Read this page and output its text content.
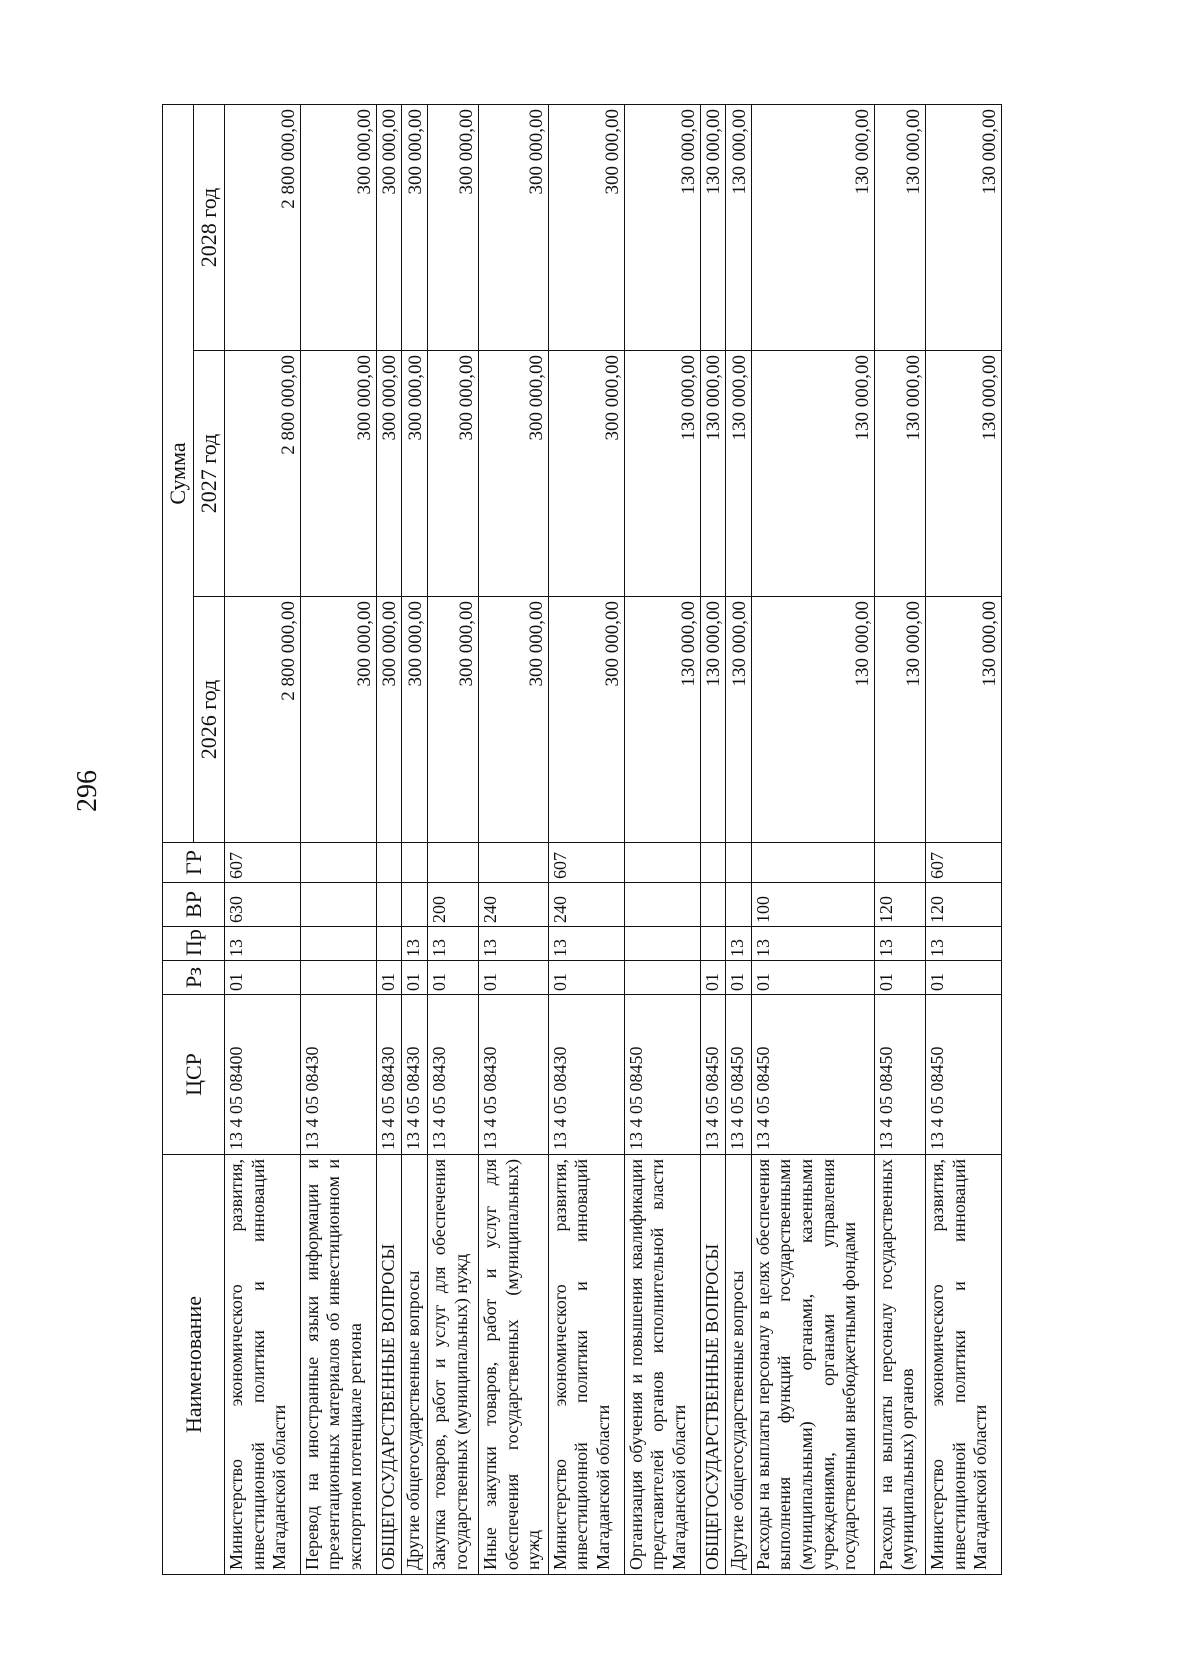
296
Наименование	ЦСР	Рз	Пр	ВР	ГР	Сумма		
						2026 год	2027 год	2028 год
Министерство экономического развития, инвестиционной политики и инноваций Магаданской области	13 4 05 08400	01	13	630	607	2 800 000,00	2 800 000,00	2 800 000,00
Перевод на иностранные языки информации и презентационных материалов об инвестиционном и экспортном потенциале региона	13 4 05 08430					300 000,00	300 000,00	300 000,00
ОБЩЕГОСУДАРСТВЕННЫЕ ВОПРОСЫ	13 4 05 08430	01				300 000,00	300 000,00	300 000,00
Другие общегосударственные вопросы	13 4 05 08430	01	13			300 000,00	300 000,00	300 000,00
Закупка товаров, работ и услуг для обеспечения государственных (муниципальных) нужд	13 4 05 08430	01	13	200		300 000,00	300 000,00	300 000,00
Иные закупки товаров, работ и услуг для обеспечения государственных (муниципальных) нужд	13 4 05 08430	01	13	240		300 000,00	300 000,00	300 000,00
Министерство экономического развития, инвестиционной политики и инноваций Магаданской области	13 4 05 08430	01	13	240	607	300 000,00	300 000,00	300 000,00
Организация обучения и повышения квалификации представителей органов исполнительной власти Магаданской области	13 4 05 08450					130 000,00	130 000,00	130 000,00
ОБЩЕГОСУДАРСТВЕННЫЕ ВОПРОСЫ	13 4 05 08450	01				130 000,00	130 000,00	130 000,00
Другие общегосударственные вопросы	13 4 05 08450	01	13			130 000,00	130 000,00	130 000,00
Расходы на выплаты персоналу в целях обеспечения выполнения функций государственными (муниципальными) органами, казенными учреждениями, органами управления государственными внебюджетными фондами	13 4 05 08450	01	13	100		130 000,00	130 000,00	130 000,00
Расходы на выплаты персоналу государственных (муниципальных) органов	13 4 05 08450	01	13	120		130 000,00	130 000,00	130 000,00
Министерство экономического развития, инвестиционной политики и инноваций Магаданской области	13 4 05 08450	01	13	120	607	130 000,00	130 000,00	130 000,00
